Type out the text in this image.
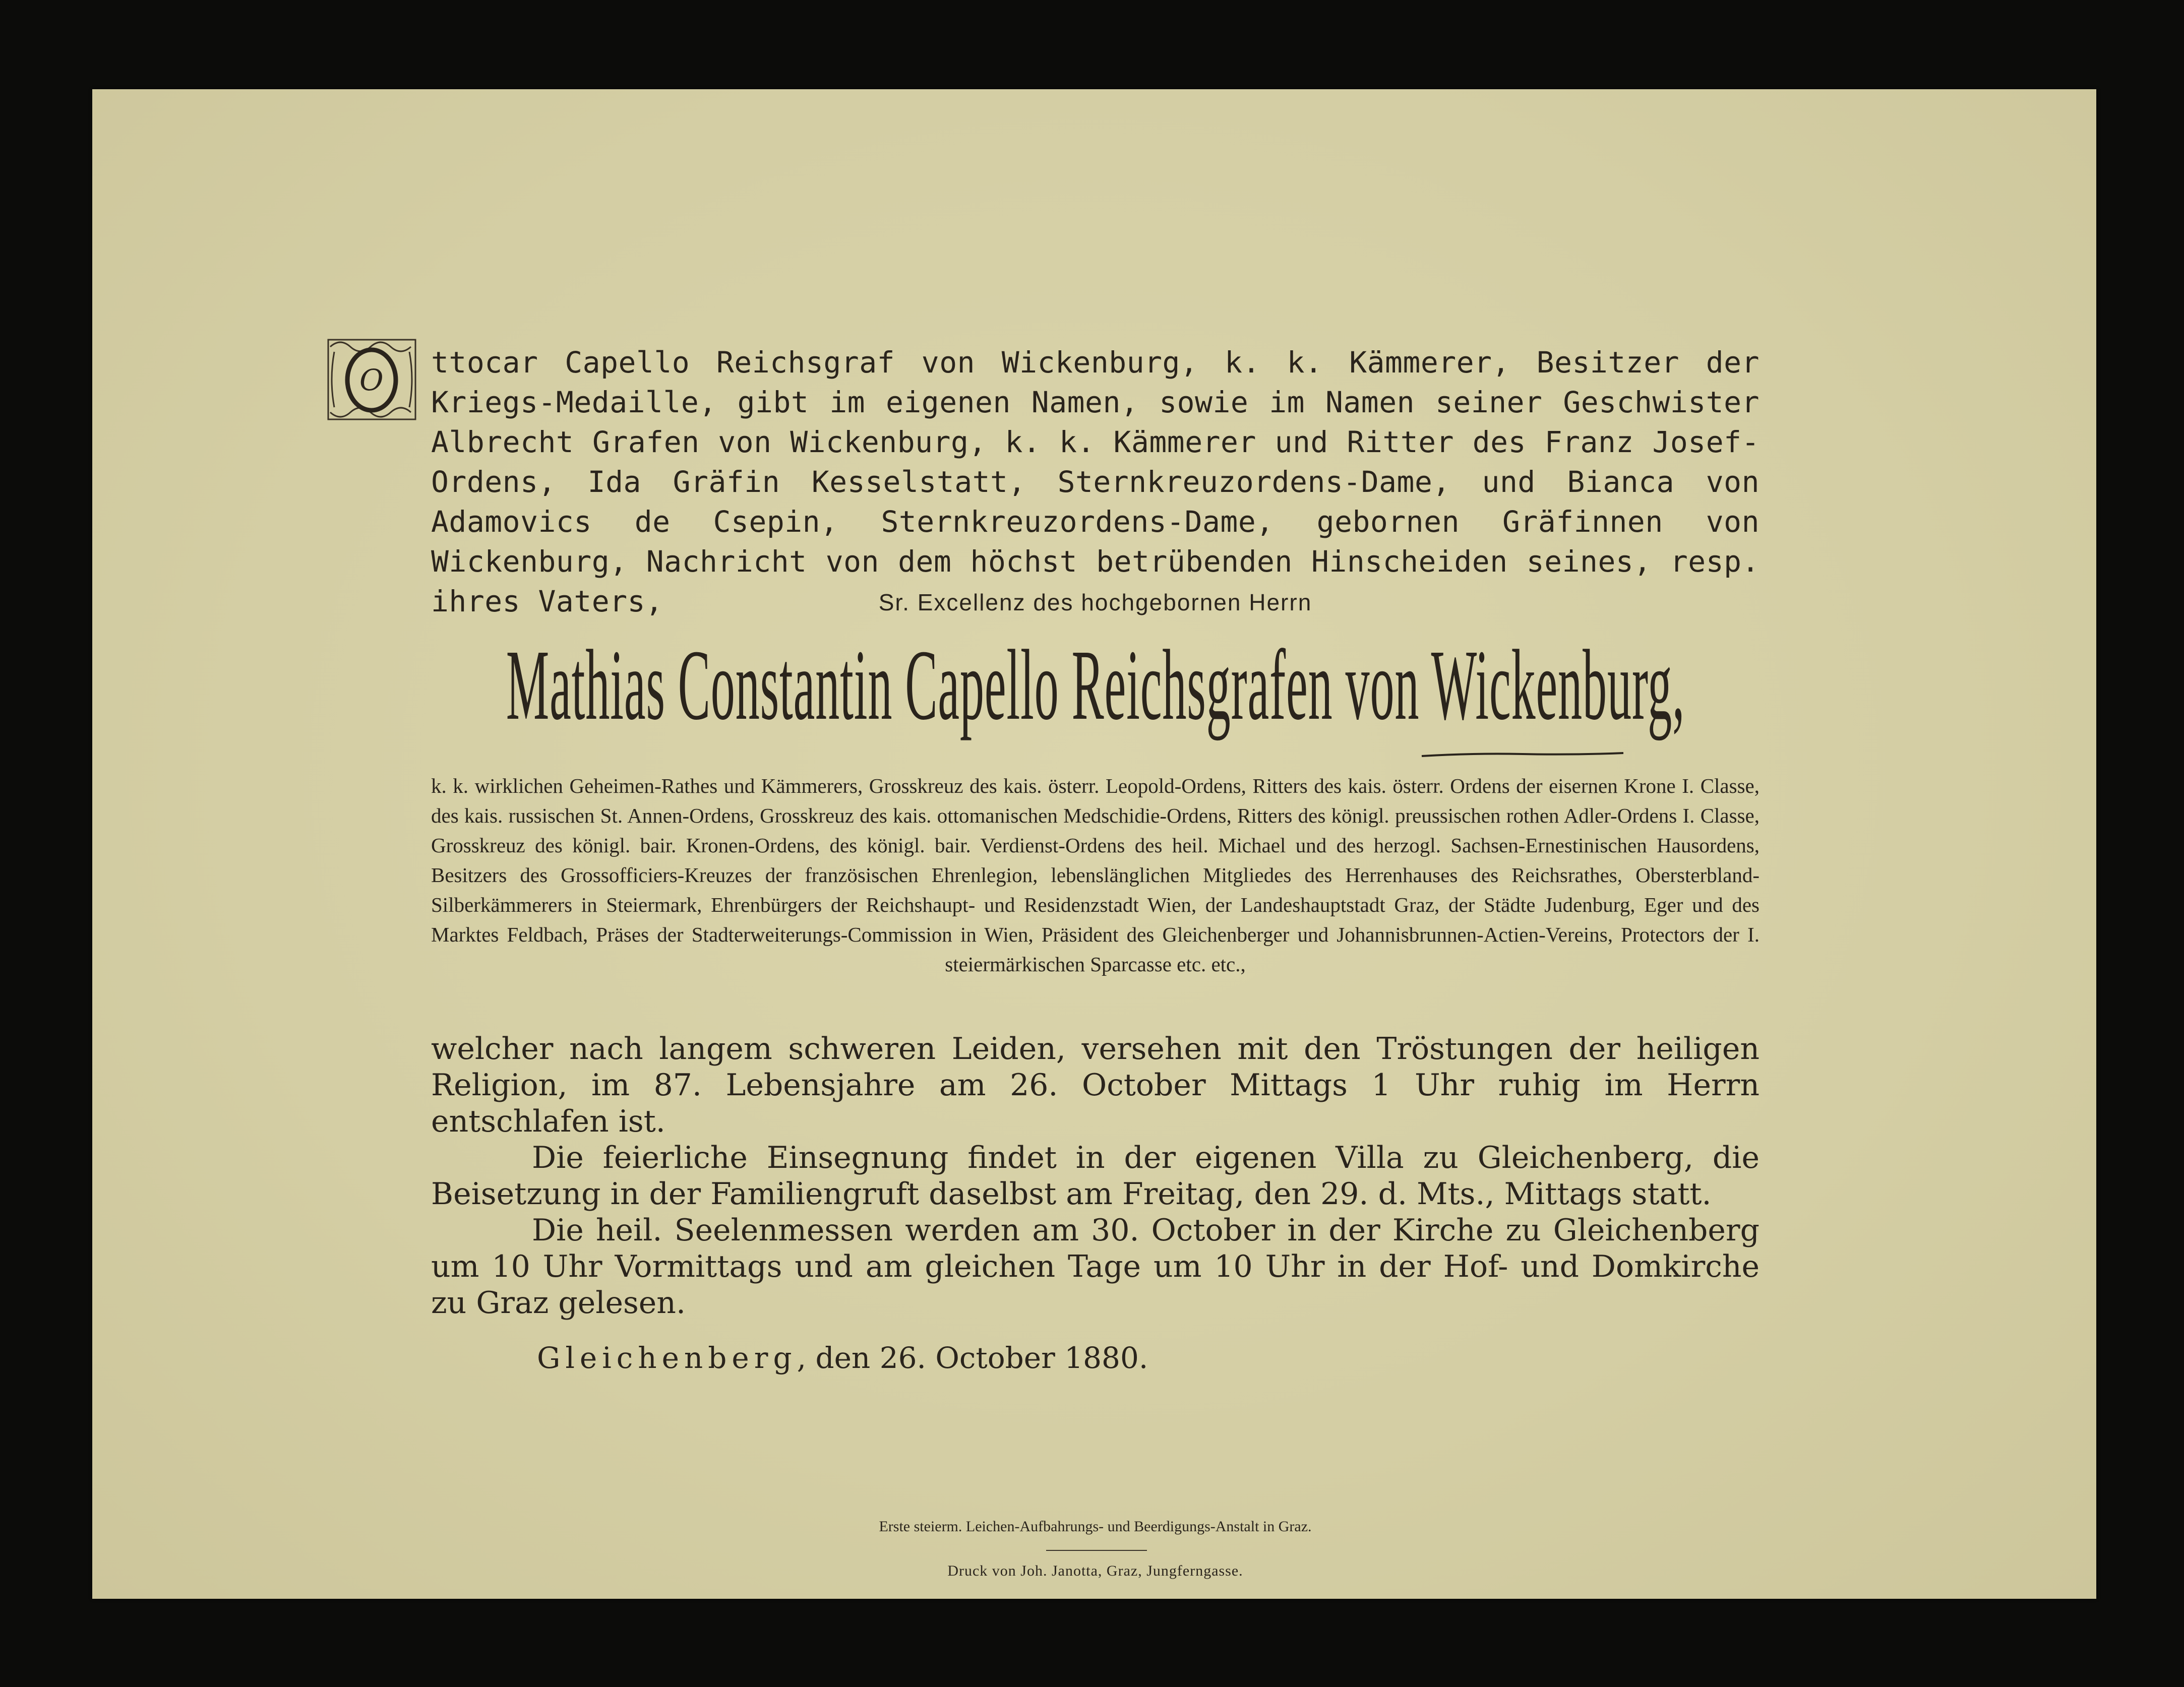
O
ttocar Capello Reichsgraf von Wickenburg, k. k. Kämmerer, Besitzer der Kriegs-Medaille, gibt im eigenen Namen, sowie im Namen seiner Geschwister Albrecht Grafen von Wickenburg, k. k. Kämmerer und Ritter des Franz Josef-Ordens, Ida Gräfin Kesselstatt, Sternkreuzordens-Dame, und Bianca von Adamovics de Csepin, Sternkreuzordens-Dame, gebornen Gräfinnen von Wickenburg, Nachricht von dem höchst betrübenden Hinscheiden seines, resp. ihres Vaters,	Sr. Excellenz des hochgebornen Herrn
Mathias Constantin Capello Reichsgrafen von Wickenburg,
k. k. wirklichen Geheimen-Rathes und Kämmerers, Grosskreuz des kais. österr. Leopold-Ordens, Ritters des kais. österr. Ordens der eisernen Krone I. Classe, des kais. russischen St. Annen-Ordens, Grosskreuz des kais. ottomanischen Medschidie-Ordens, Ritters des königl. preussischen rothen Adler-Ordens I. Classe, Grosskreuz des königl. bair. Kronen-Ordens, des königl. bair. Verdienst-Ordens des heil. Michael und des herzogl. Sachsen-Ernestinischen Hausordens, Besitzers des Grossofficiers-Kreuzes der französischen Ehrenlegion, lebenslänglichen Mitgliedes des Herrenhauses des Reichsrathes, Obersterbland-Silberkämmerers in Steiermark, Ehrenbürgers der Reichshaupt- und Residenzstadt Wien, der Landeshauptstadt Graz, der Städte Judenburg, Eger und des Marktes Feldbach, Präses der Stadterweiterungs-Commission in Wien, Präsident des Gleichenberger und Johannisbrunnen-Actien-Vereins, Protectors der I. steiermärkischen Sparcasse etc. etc.,

welcher nach langem schweren Leiden, versehen mit den Tröstungen der heiligen Religion, im 87. Lebensjahre am 26. October Mittags 1 Uhr ruhig im Herrn entschlafen ist.

Die feierliche Einsegnung findet in der eigenen Villa zu Gleichenberg, die Beisetzung in der Familiengruft daselbst am Freitag, den 29. d. Mts., Mittags statt.

Die heil. Seelenmessen werden am 30. October in der Kirche zu Gleichenberg um 10 Uhr Vormittags und am gleichen Tage um 10 Uhr in der Hof- und Domkirche zu Graz gelesen.

Gleichenberg, den 26. October 1880.
Erste steierm. Leichen-Aufbahrungs- und Beerdigungs-Anstalt in Graz.
Druck von Joh. Janotta, Graz, Jungferngasse.
